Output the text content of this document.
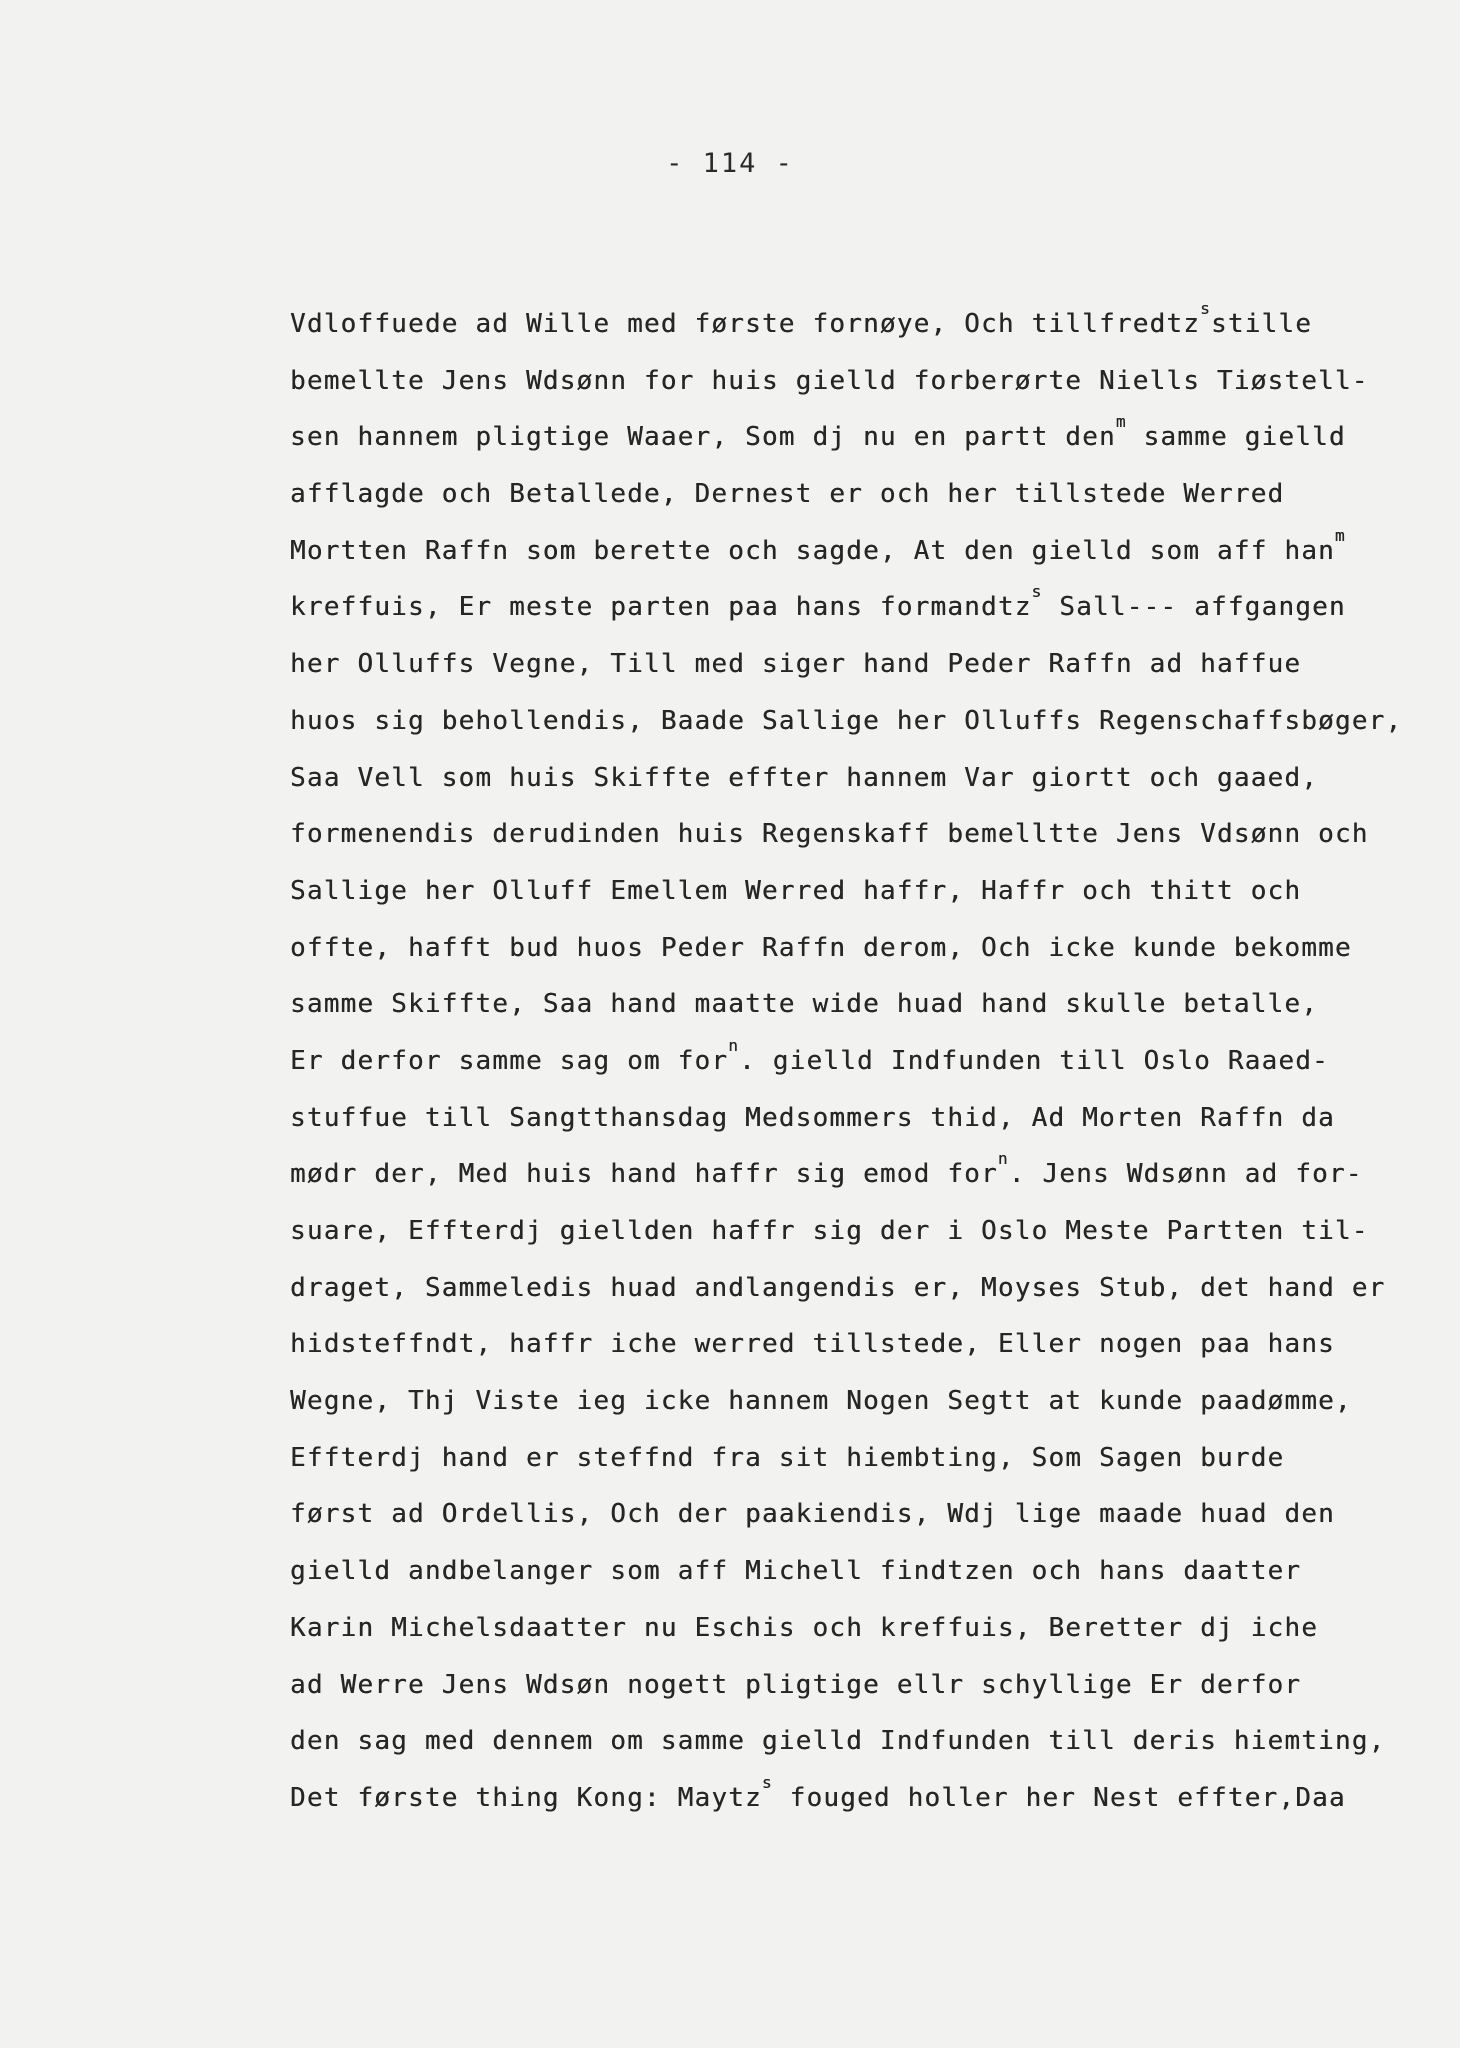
- 114 -
Vdloffuede ad Wille med første fornøye, Och tillfredtz$^s$stille
bemellte Jens Wdsønn for huis gielld forberørte Niells Tiøstell-
sen hannem pligtige Waaer, Som dj nu en partt den$^m$ samme gielld
afflagde och Betallede, Dernest er och her tillstede Werred
Mortten Raffn som berette och sagde, At den gielld som aff han$^m$
kreffuis, Er meste parten paa hans formandtz$^s$ Sall--- affgangen
her Olluffs Vegne, Till med siger hand Peder Raffn ad haffue
huos sig behollendis, Baade Sallige her Olluffs Regenschaffsbøger,
Saa Vell som huis Skiffte effter hannem Var giortt och gaaed,
formenendis derudinden huis Regenskaff bemelltte Jens Vdsønn och
Sallige her Olluff Emellem Werred haffr, Haffr och thitt och
offte, hafft bud huos Peder Raffn derom, Och icke kunde bekomme
samme Skiffte, Saa hand maatte wide huad hand skulle betalle,
Er derfor samme sag om for$^n$. gielld Indfunden till Oslo Raaed-
stuffue till Sangtthansdag Medsommers thid, Ad Morten Raffn da
mødr der, Med huis hand haffr sig emod for$^n$. Jens Wdsønn ad for-
suare, Effterdj giellden haffr sig der i Oslo Meste Partten til-
draget, Sammeledis huad andlangendis er, Moyses Stub, det hand er
hidsteffndt, haffr iche werred tillstede, Eller nogen paa hans
Wegne, Thj Viste ieg icke hannem Nogen Segtt at kunde paadømme,
Effterdj hand er steffnd fra sit hiembting, Som Sagen burde
først ad Ordellis, Och der paakiendis, Wdj lige maade huad den
gielld andbelanger som aff Michell findtzen och hans daatter
Karin Michelsdaatter nu Eschis och kreffuis, Beretter dj iche
ad Werre Jens Wdsøn nogett pligtige ellr schyllige Er derfor
den sag med dennem om samme gielld Indfunden till deris hiemting,
Det første thing Kong: Maytz$^s$ fouged holler her Nest effter,Daa
